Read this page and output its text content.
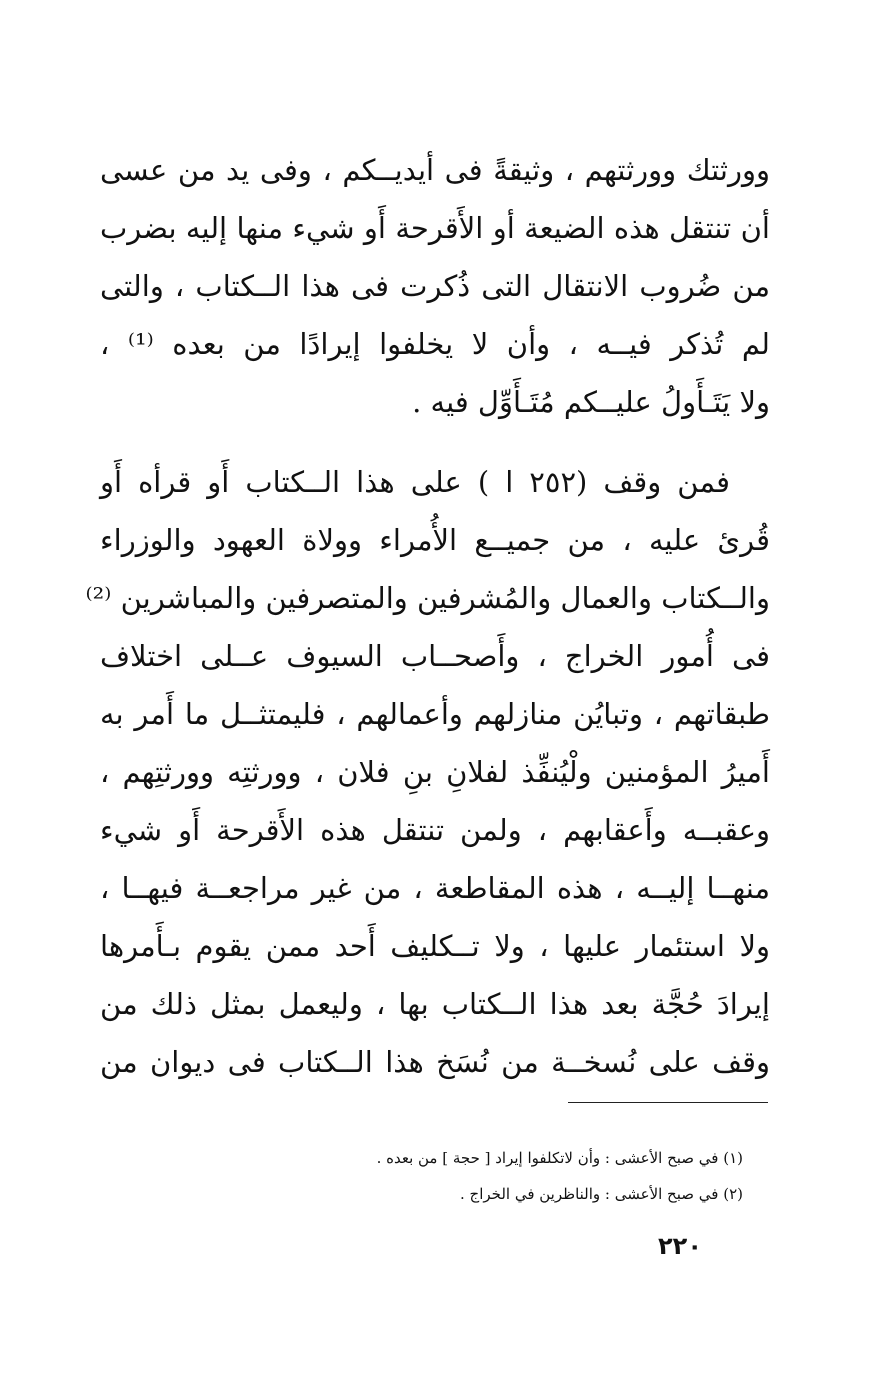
وورثتك وورثتهم ، وثيقةً فى أيديــكم ، وفى يد من عسى
أن تنتقل هذه الضيعة أو الأَقرحة أَو شيء منها إليه بضرب
من ضُروب الانتقال التى ذُكرت فى هذا الــكتاب ، والتى
لم تُذكر فيــه ، وأن لا يخلفوا إيرادًا من بعده ⁽¹⁾ ،
ولا يَتَـأَولُ عليــكم مُتَـأَوِّل فيه .
فمن وقف (٢٥٢ ا ) على هذا الــكتاب أَو قرأه أَو
قُرئ عليه ، من جميــع الأُمراء وولاة العهود والوزراء
والــكتاب والعمال والمُشرفين والمتصرفين والمباشرين ⁽²⁾
فى أُمور الخراج ، وأَصحــاب السيوف عــلى اختلاف
طبقاتهم ، وتبايُن منازلهم وأعمالهم ، فليمتثــل ما أَمر به
أَميرُ المؤمنين ولْيُنفِّذ لفلانِ بنِ فلان ، وورثتِه وورثتِهم ،
وعقبــه وأَعقابهم ، ولمن تنتقل هذه الأَقرحة أَو شيء
منهــا إليــه ، هذه المقاطعة ، من غير مراجعــة فيهــا ،
ولا استئمار عليها ، ولا تــكليف أَحد ممن يقوم بـأَمرها
إيرادَ حُجَّة بعد هذا الــكتاب بها ، وليعمل بمثل ذلك من
وقف على نُسخــة من نُسَخ هذا الــكتاب فى ديوان من
(١) في صبح الأعشى : وأن لاتكلفوا إيراد [ حجة ] من بعده .
(٢) في صبح الأعشى : والناظرين في الخراج .
٢٢٠
